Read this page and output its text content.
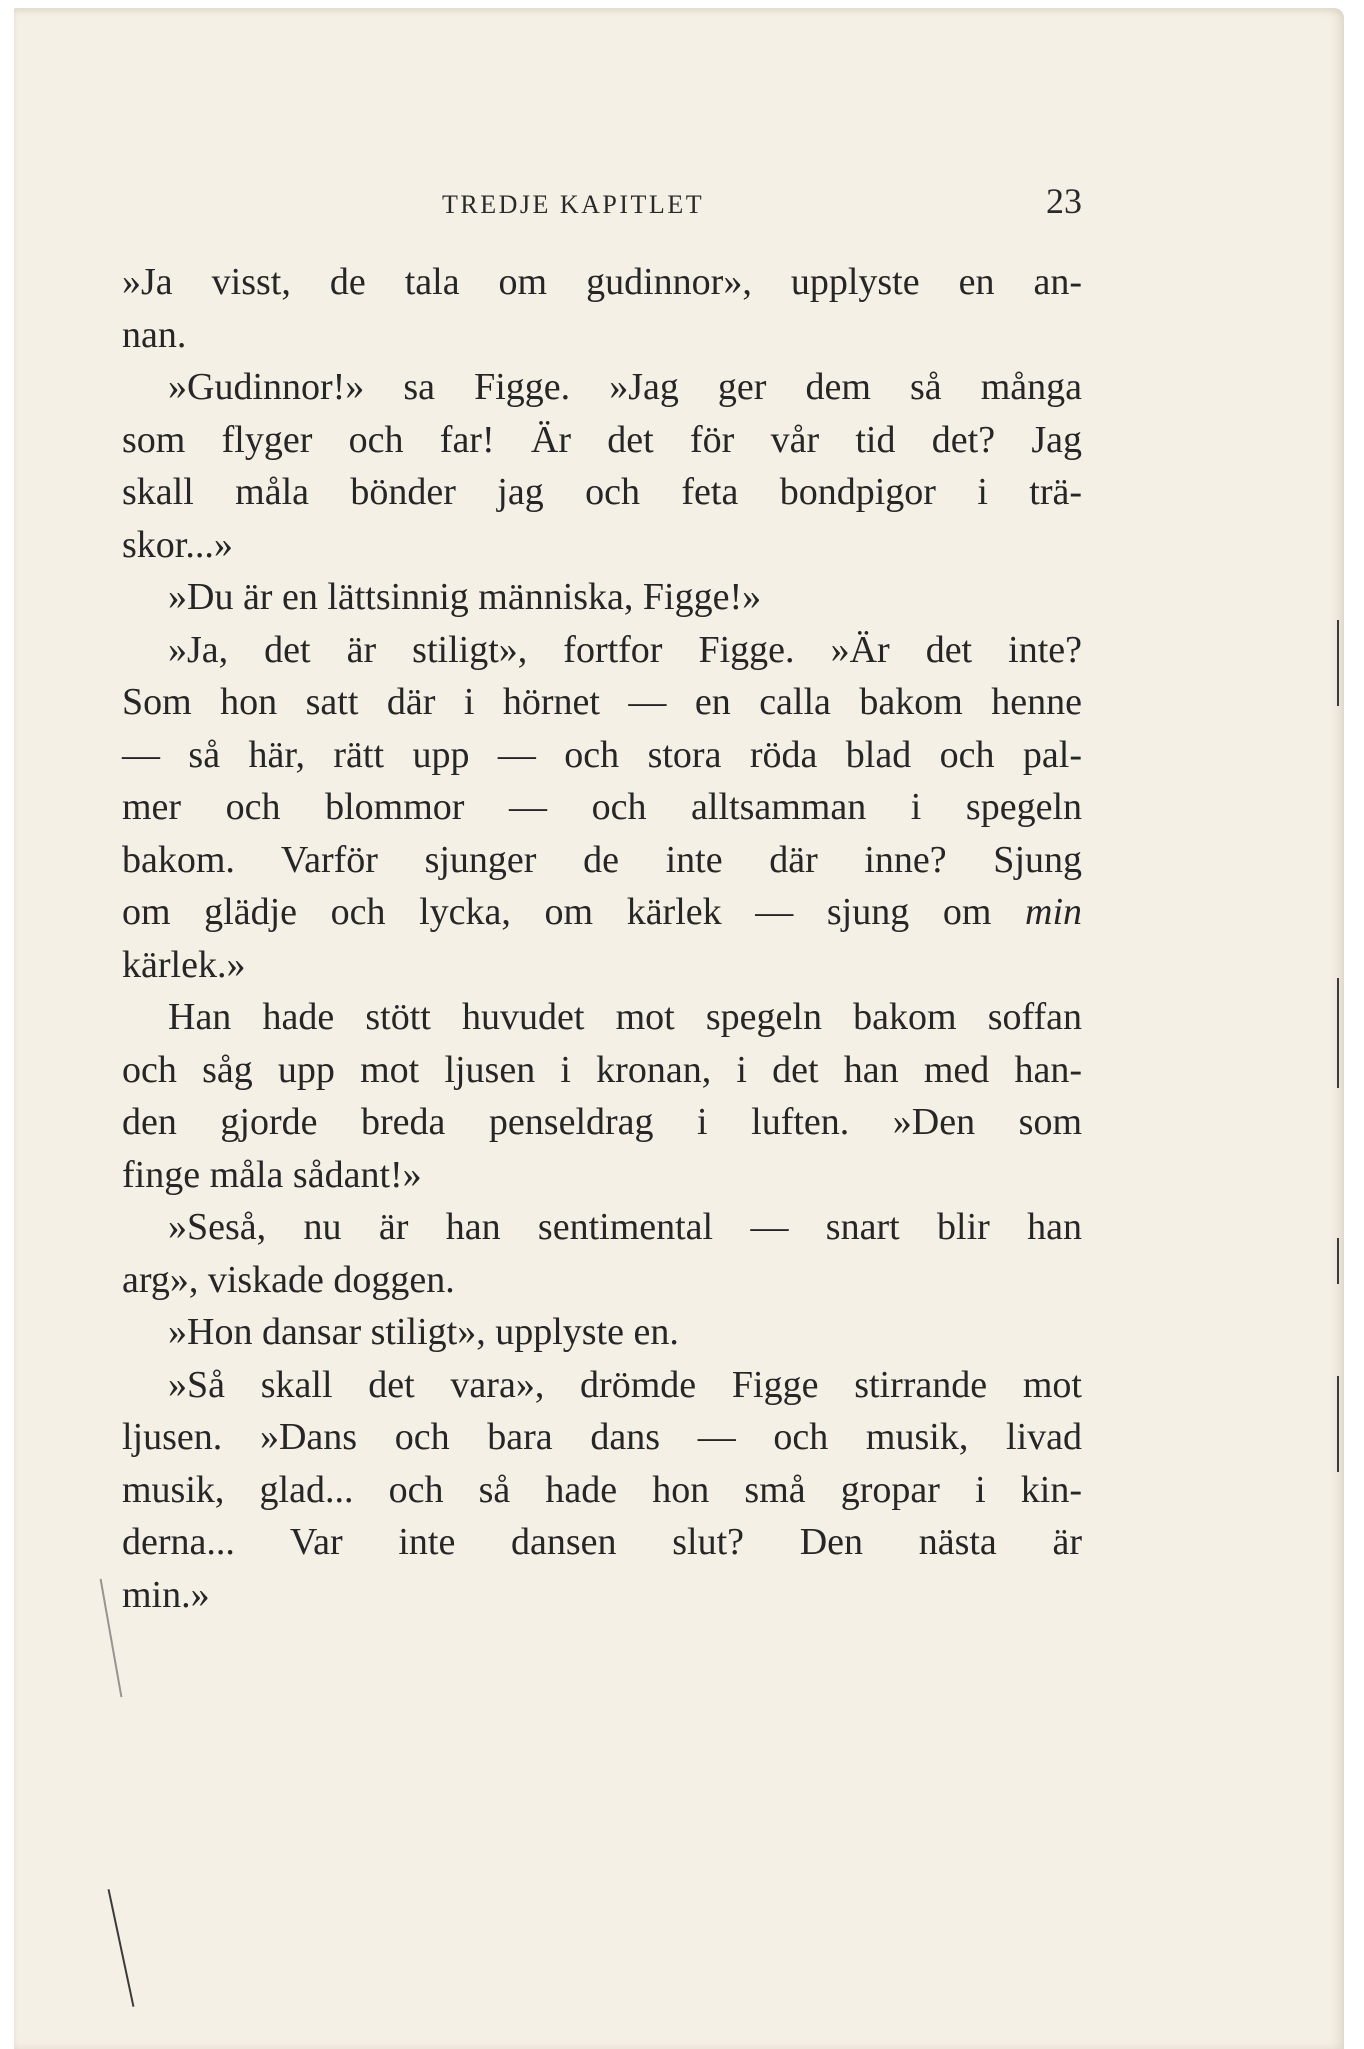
TREDJE KAPITLET	23
»Ja visst, de tala om gudinnor», upplyste en an-
nan.
»Gudinnor!» sa Figge. »Jag ger dem så många
som flyger och far! Är det för vår tid det? Jag
skall måla bönder jag och feta bondpigor i trä-
skor...»
»Du är en lättsinnig människa, Figge!»
»Ja, det är stiligt», fortfor Figge. »Är det inte?
Som hon satt där i hörnet — en calla bakom henne
— så här, rätt upp — och stora röda blad och pal-
mer och blommor — och alltsamman i spegeln
bakom. Varför sjunger de inte där inne? Sjung
om glädje och lycka, om kärlek — sjung om min
kärlek.»
Han hade stött huvudet mot spegeln bakom soffan
och såg upp mot ljusen i kronan, i det han med han-
den gjorde breda penseldrag i luften. »Den som
finge måla sådant!»
»Seså, nu är han sentimental — snart blir han
arg», viskade doggen.
»Hon dansar stiligt», upplyste en.
»Så skall det vara», drömde Figge stirrande mot
ljusen. »Dans och bara dans — och musik, livad
musik, glad... och så hade hon små gropar i kin-
derna... Var inte dansen slut? Den nästa är
min.»
